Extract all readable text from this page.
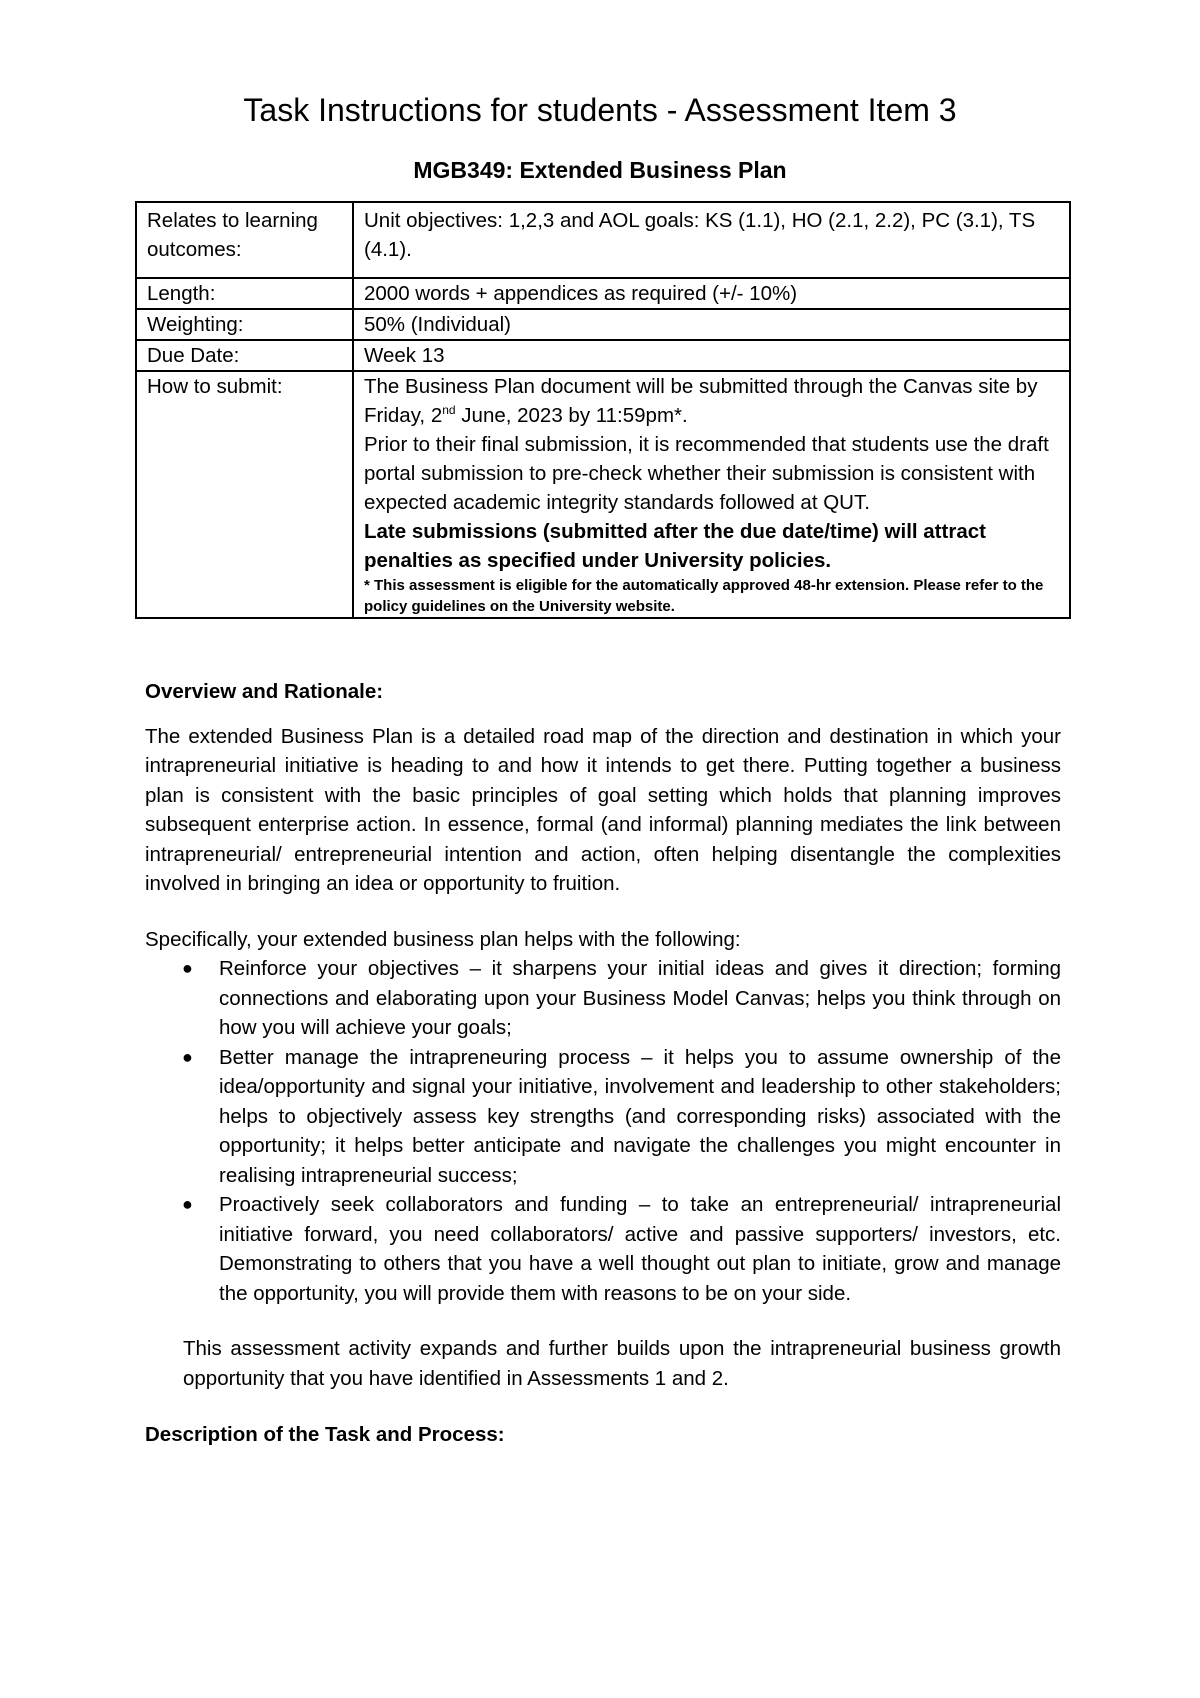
Task Instructions for students - Assessment Item 3
MGB349: Extended Business Plan
Relates to learning outcomes:	Unit objectives: 1,2,3 and AOL goals: KS (1.1), HO (2.1, 2.2), PC (3.1), TS (4.1).
Length:	2000 words + appendices as required (+/- 10%)
Weighting:	50% (Individual)
Due Date:	Week 13
How to submit:	The Business Plan document will be submitted through the Canvas site by Friday, 2nd June, 2023 by 11:59pm*.
Prior to their final submission, it is recommended that students use the draft portal submission to pre-check whether their submission is consistent with expected academic integrity standards followed at QUT.
Late submissions (submitted after the due date/time) will attract penalties as specified under University policies.
* This assessment is eligible for the automatically approved 48-hr extension. Please refer to the policy guidelines on the University website.

Overview and Rationale:

The extended Business Plan is a detailed road map of the direction and destination in which your intrapreneurial initiative is heading to and how it intends to get there. Putting together a business plan is consistent with the basic principles of goal setting which holds that planning improves subsequent enterprise action. In essence, formal (and informal) planning mediates the link between intrapreneurial/ entrepreneurial intention and action, often helping disentangle the complexities involved in bringing an idea or opportunity to fruition.

Specifically, your extended business plan helps with the following:

● Reinforce your objectives – it sharpens your initial ideas and gives it direction; forming connections and elaborating upon your Business Model Canvas; helps you think through on how you will achieve your goals;
● Better manage the intrapreneuring process – it helps you to assume ownership of the idea/opportunity and signal your initiative, involvement and leadership to other stakeholders; helps to objectively assess key strengths (and corresponding risks) associated with the opportunity; it helps better anticipate and navigate the challenges you might encounter in realising intrapreneurial success;
● Proactively seek collaborators and funding – to take an entrepreneurial/ intrapreneurial initiative forward, you need collaborators/ active and passive supporters/ investors, etc. Demonstrating to others that you have a well thought out plan to initiate, grow and manage the opportunity, you will provide them with reasons to be on your side.

This assessment activity expands and further builds upon the intrapreneurial business growth opportunity that you have identified in Assessments 1 and 2.

Description of the Task and Process:
